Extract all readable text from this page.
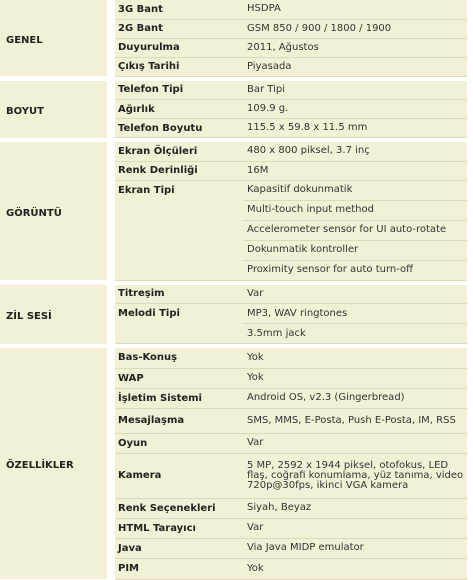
GENEL		3G Bant	HSDPA
		2G Bant	GSM 850 / 900 / 1800 / 1900
		Duyurulma	2011, Ağustos
		Çıkış Tarihi	Piyasada

BOYUT		Telefon Tipi	Bar Tipi
		Ağırlık	109.9 g.
		Telefon Boyutu	115.5 x 59.8 x 11.5 mm

GÖRÜNTÜ		Ekran Ölçüleri	480 x 800 piksel, 3.7 inç
		Renk Derinliği	16M
		Ekran Tipi	Kapasitif dokunmatik
			Multi-touch input method
			Accelerometer sensor for UI auto-rotate
			Dokunmatik kontroller
			Proximity sensor for auto turn-off

ZİL SESİ		Titreşim	Var
		Melodi Tipi	MP3, WAV ringtones
			3.5mm jack

ÖZELLİKLER		Bas-Konuş	Yok
		WAP	Yok
		İşletim Sistemi	Android OS, v2.3 (Gingerbread)
		Mesajlaşma	SMS, MMS, E-Posta, Push E-Posta, IM, RSS
		Oyun	Var
		Kamera	5 MP, 2592 x 1944 piksel, otofokus, LED flaş, coğrafi konumlama, yüz tanıma, video 720p@30fps, ikinci VGA kamera
		Renk Seçenekleri	Siyah, Beyaz
		HTML Tarayıcı	Var
		Java	Via Java MIDP emulator
		PIM	Yok
